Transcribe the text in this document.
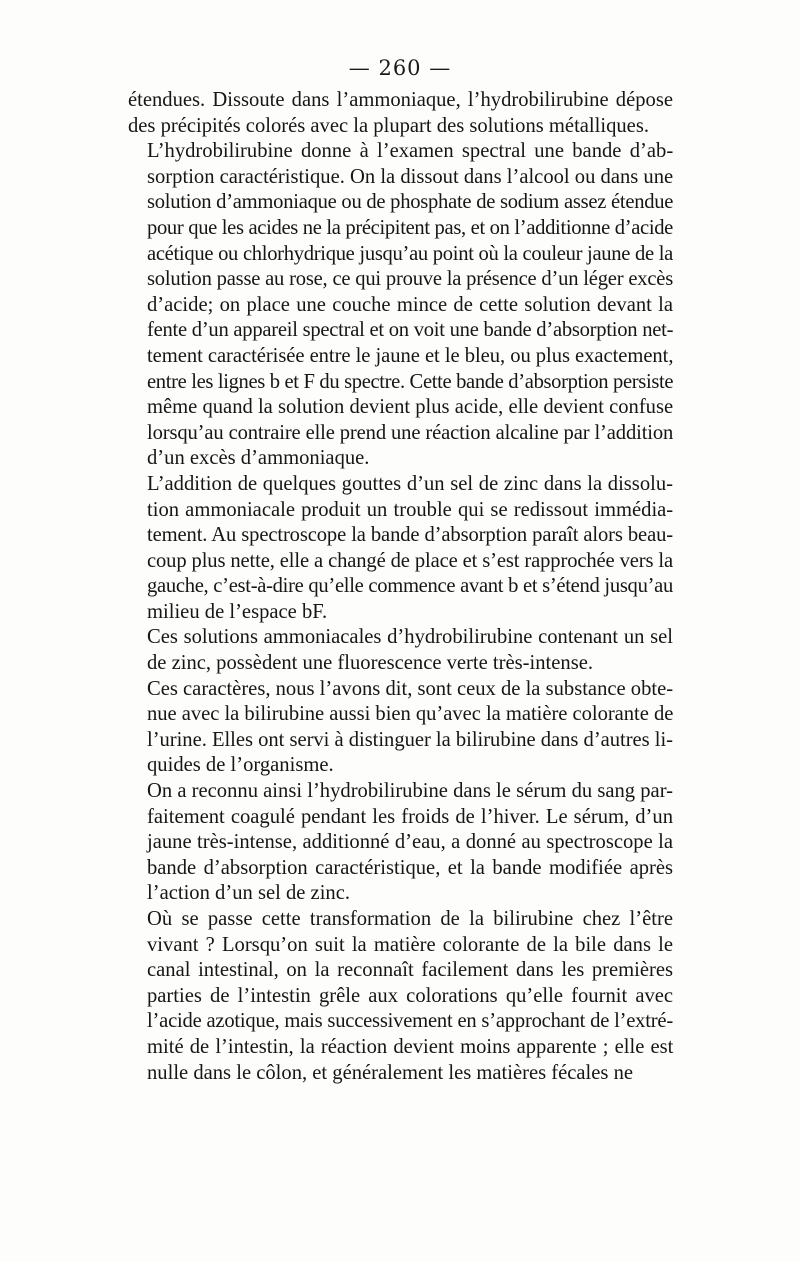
— 260 —

étendues. Dissoute dans l’ammoniaque, l’hydrobilirubine dépose
des précipités colorés avec la plupart des solutions métalliques.

L’hydrobilirubine donne à l’examen spectral une bande d’ab-
sorption caractéristique. On la dissout dans l’alcool ou dans une
solution d’ammoniaque ou de phosphate de sodium assez étendue
pour que les acides ne la précipitent pas, et on l’additionne d’acide
acétique ou chlorhydrique jusqu’au point où la couleur jaune de la
solution passe au rose, ce qui prouve la présence d’un léger excès
d’acide; on place une couche mince de cette solution devant la
fente d’un appareil spectral et on voit une bande d’absorption net-
tement caractérisée entre le jaune et le bleu, ou plus exactement,
entre les lignes b et F du spectre. Cette bande d’absorption persiste
même quand la solution devient plus acide, elle devient confuse
lorsqu’au contraire elle prend une réaction alcaline par l’addition
d’un excès d’ammoniaque.

L’addition de quelques gouttes d’un sel de zinc dans la dissolu-
tion ammoniacale produit un trouble qui se redissout immédia-
tement. Au spectroscope la bande d’absorption paraît alors beau-
coup plus nette, elle a changé de place et s’est rapprochée vers la
gauche, c’est-à-dire qu’elle commence avant b et s’étend jusqu’au
milieu de l’espace bF.

Ces solutions ammoniacales d’hydrobilirubine contenant un sel
de zinc, possèdent une fluorescence verte très-intense.

Ces caractères, nous l’avons dit, sont ceux de la substance obte-
nue avec la bilirubine aussi bien qu’avec la matière colorante de
l’urine. Elles ont servi à distinguer la bilirubine dans d’autres li-
quides de l’organisme.

On a reconnu ainsi l’hydrobilirubine dans le sérum du sang par-
faitement coagulé pendant les froids de l’hiver. Le sérum, d’un
jaune très-intense, additionné d’eau, a donné au spectroscope la
bande d’absorption caractéristique, et la bande modifiée après
l’action d’un sel de zinc.

Où se passe cette transformation de la bilirubine chez l’être
vivant ? Lorsqu’on suit la matière colorante de la bile dans le
canal intestinal, on la reconnaît facilement dans les premières
parties de l’intestin grêle aux colorations qu’elle fournit avec
l’acide azotique, mais successivement en s’approchant de l’extré-
mité de l’intestin, la réaction devient moins apparente ; elle est
nulle dans le côlon, et généralement les matières fécales ne
